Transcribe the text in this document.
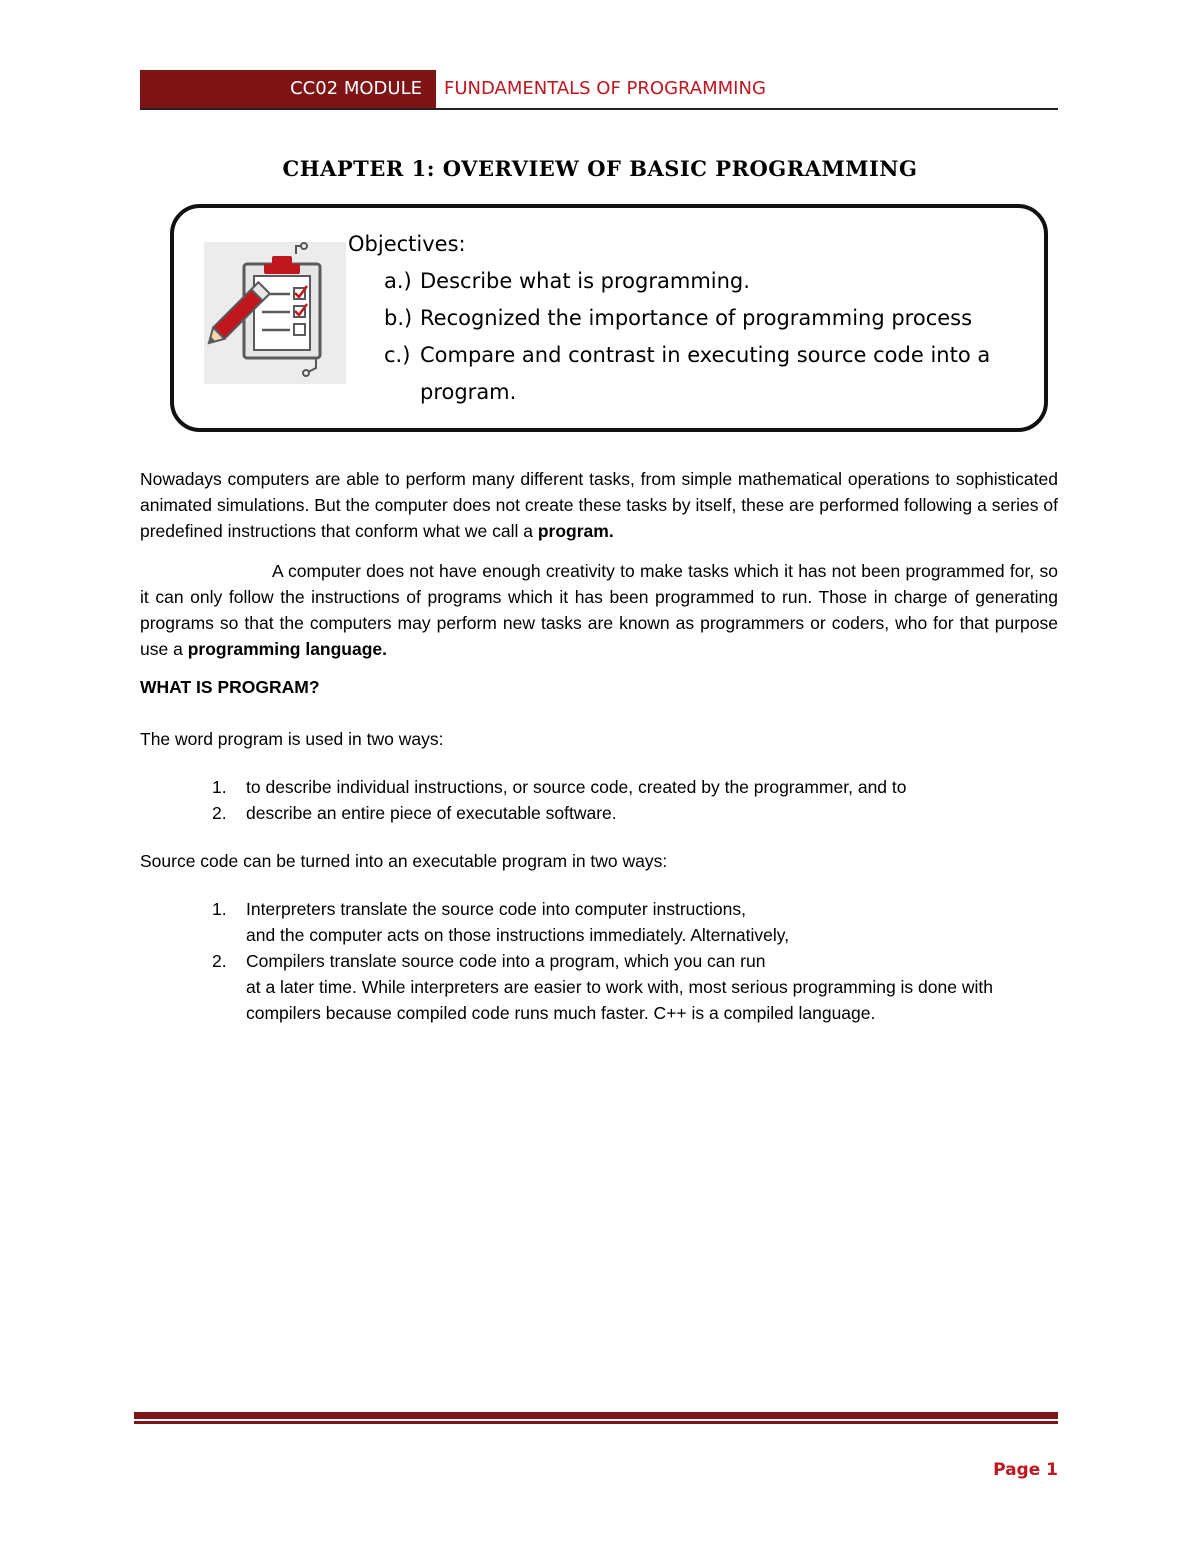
CC02 MODULE	FUNDAMENTALS OF PROGRAMMING
CHAPTER 1: OVERVIEW OF BASIC PROGRAMMING
Objectives:
a.) Describe what is programming.
b.) Recognized the importance of programming process
c.) Compare and contrast in executing source code into a program.

Nowadays computers are able to perform many different tasks, from simple mathematical operations to sophisticated animated simulations. But the computer does not create these tasks by itself, these are performed following a series of predefined instructions that conform what we call a program.

A computer does not have enough creativity to make tasks which it has not been programmed for, so it can only follow the instructions of programs which it has been programmed to run. Those in charge of generating programs so that the computers may perform new tasks are known as programmers or coders, who for that purpose use a programming language.

WHAT IS PROGRAM?

The word program is used in two ways:

1. to describe individual instructions, or source code, created by the programmer, and to
2. describe an entire piece of executable software.

Source code can be turned into an executable program in two ways:

1. Interpreters translate the source code into computer instructions,
and the computer acts on those instructions immediately. Alternatively,
2. Compilers translate source code into a program, which you can run
at a later time. While interpreters are easier to work with, most serious programming is done with compilers because compiled code runs much faster. C++ is a compiled language.
Page 1
